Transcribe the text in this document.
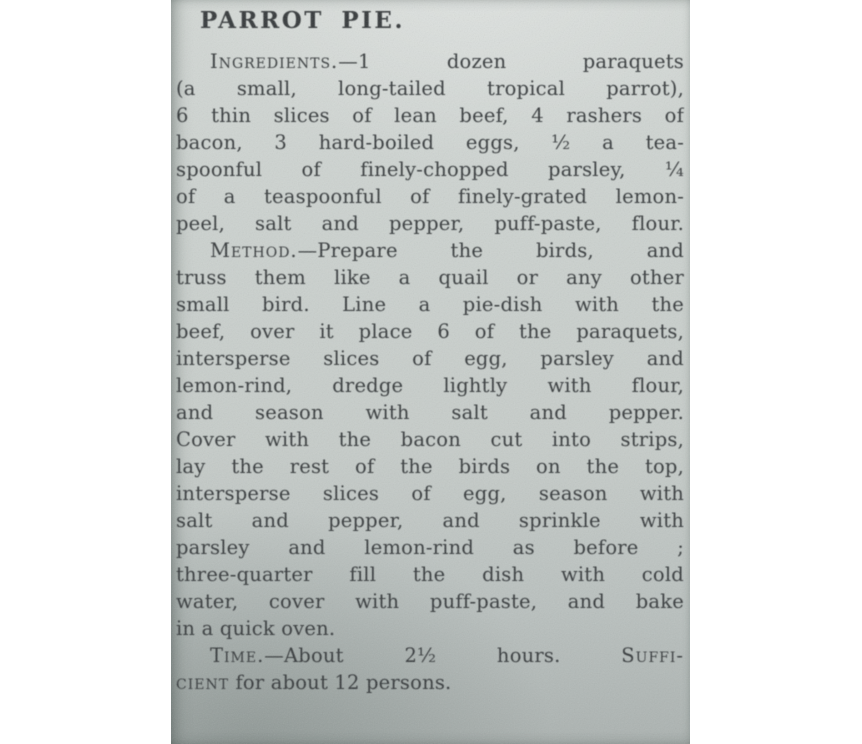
PARROT PIE.
Ingredients.—1 dozen paraquets
(a small, long-tailed tropical parrot),
6 thin slices of lean beef, 4 rashers of
bacon, 3 hard-boiled eggs, ½ a tea-
spoonful of finely-chopped parsley, ¼
of a teaspoonful of finely-grated lemon-
peel, salt and pepper, puff-paste, flour.
Method.—Prepare the birds, and
truss them like a quail or any other
small bird. Line a pie-dish with the
beef, over it place 6 of the paraquets,
intersperse slices of egg, parsley and
lemon-rind, dredge lightly with flour,
and season with salt and pepper.
Cover with the bacon cut into strips,
lay the rest of the birds on the top,
intersperse slices of egg, season with
salt and pepper, and sprinkle with
parsley and lemon-rind as before ;
three-quarter fill the dish with cold
water, cover with puff-paste, and bake
in a quick oven.
Time.—About 2½ hours. Suffi-
cient for about 12 persons.
